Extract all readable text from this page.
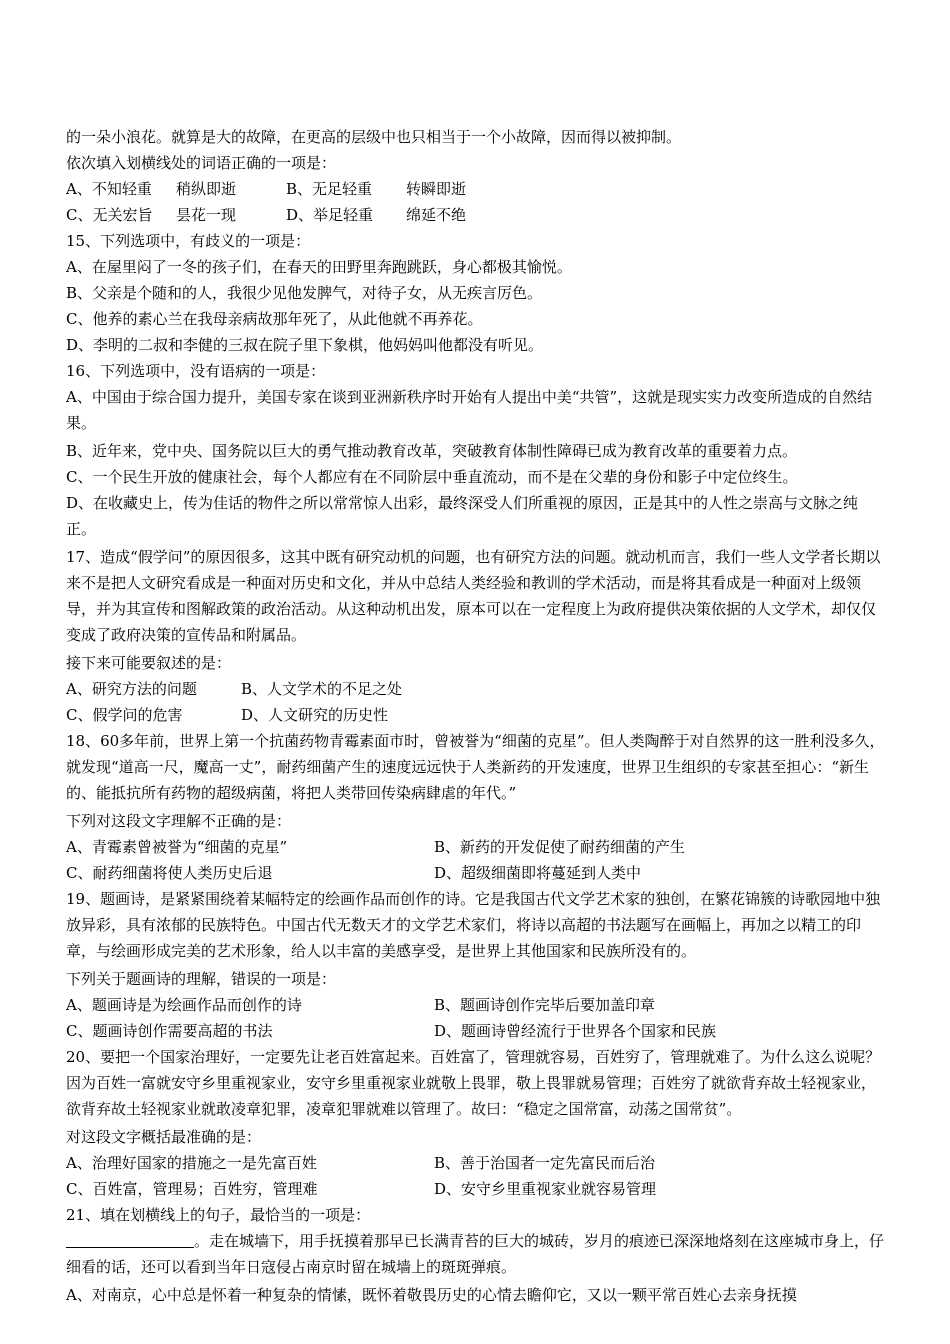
的一朵小浪花。就算是大的故障，在更高的层级中也只相当于一个小故障，因而得以被抑制。

依次填入划横线处的词语正确的一项是：

A、不知轻重 稍纵即逝	B、无足轻重 转瞬即逝

C、无关宏旨 昙花一现	D、举足轻重 绵延不绝

15、下列选项中，有歧义的一项是：

A、在屋里闷了一冬的孩子们，在春天的田野里奔跑跳跃，身心都极其愉悦。

B、父亲是个随和的人，我很少见他发脾气，对待子女，从无疾言厉色。

C、他养的素心兰在我母亲病故那年死了，从此他就不再养花。

D、李明的二叔和李健的三叔在院子里下象棋，他妈妈叫他都没有听见。

16、下列选项中，没有语病的一项是：

A、中国由于综合国力提升，美国专家在谈到亚洲新秩序时开始有人提出中美“共管”，这就是现实实力改变所造成的自然结果。

B、近年来，党中央、国务院以巨大的勇气推动教育改革，突破教育体制性障碍已成为教育改革的重要着力点。

C、一个民生开放的健康社会，每个人都应有在不同阶层中垂直流动，而不是在父辈的身份和影子中定位终生。

D、在收藏史上，传为佳话的物件之所以常常惊人出彩，最终深受人们所重视的原因，正是其中的人性之崇高与文脉之纯正。

17、造成“假学问”的原因很多，这其中既有研究动机的问题，也有研究方法的问题。就动机而言，我们一些人文学者长期以来不是把人文研究看成是一种面对历史和文化，并从中总结人类经验和教训的学术活动，而是将其看成是一种面对上级领导，并为其宣传和图解政策的政治活动。从这种动机出发，原本可以在一定程度上为政府提供决策依据的人文学术，却仅仅变成了政府决策的宣传品和附属品。

接下来可能要叙述的是：

A、研究方法的问题	B、人文学术的不足之处

C、假学问的危害	D、人文研究的历史性

18、60多年前，世界上第一个抗菌药物青霉素面市时，曾被誉为“细菌的克星”。但人类陶醉于对自然界的这一胜利没多久，就发现“道高一尺，魔高一丈”，耐药细菌产生的速度远远快于人类新药的开发速度，世界卫生组织的专家甚至担心：“新生的、能抵抗所有药物的超级病菌，将把人类带回传染病肆虐的年代。”

下列对这段文字理解不正确的是：

A、青霉素曾被誉为“细菌的克星”	B、新药的开发促使了耐药细菌的产生
C、耐药细菌将使人类历史后退	D、超级细菌即将蔓延到人类中

19、题画诗，是紧紧围绕着某幅特定的绘画作品而创作的诗。它是我国古代文学艺术家的独创，在繁花锦簇的诗歌园地中独放异彩，具有浓郁的民族特色。中国古代无数天才的文学艺术家们，将诗以高超的书法题写在画幅上，再加之以精工的印章，与绘画形成完美的艺术形象，给人以丰富的美感享受，是世界上其他国家和民族所没有的。

下列关于题画诗的理解，错误的一项是：

A、题画诗是为绘画作品而创作的诗	B、题画诗创作完毕后要加盖印章
C、题画诗创作需要高超的书法	D、题画诗曾经流行于世界各个国家和民族

20、要把一个国家治理好，一定要先让老百姓富起来。百姓富了，管理就容易，百姓穷了，管理就难了。为什么这么说呢？因为百姓一富就安守乡里重视家业，安守乡里重视家业就敬上畏罪，敬上畏罪就易管理；百姓穷了就欲背弃故土轻视家业，欲背弃故土轻视家业就敢凌章犯罪，凌章犯罪就难以管理了。故曰：“稳定之国常富，动荡之国常贫”。

对这段文字概括最准确的是：

A、治理好国家的措施之一是先富百姓	B、善于治国者一定先富民而后治
C、百姓富，管理易；百姓穷，管理难	D、安守乡里重视家业就容易管理

21、填在划横线上的句子，最恰当的一项是：

。走在城墙下，用手抚摸着那早已长满青苔的巨大的城砖，岁月的痕迹已深深地烙刻在这座城市身上，仔细看的话，还可以看到当年日寇侵占南京时留在城墙上的斑斑弹痕。

A、对南京，心中总是怀着一种复杂的情愫，既怀着敬畏历史的心情去瞻仰它，又以一颗平常百姓心去亲身抚摸
